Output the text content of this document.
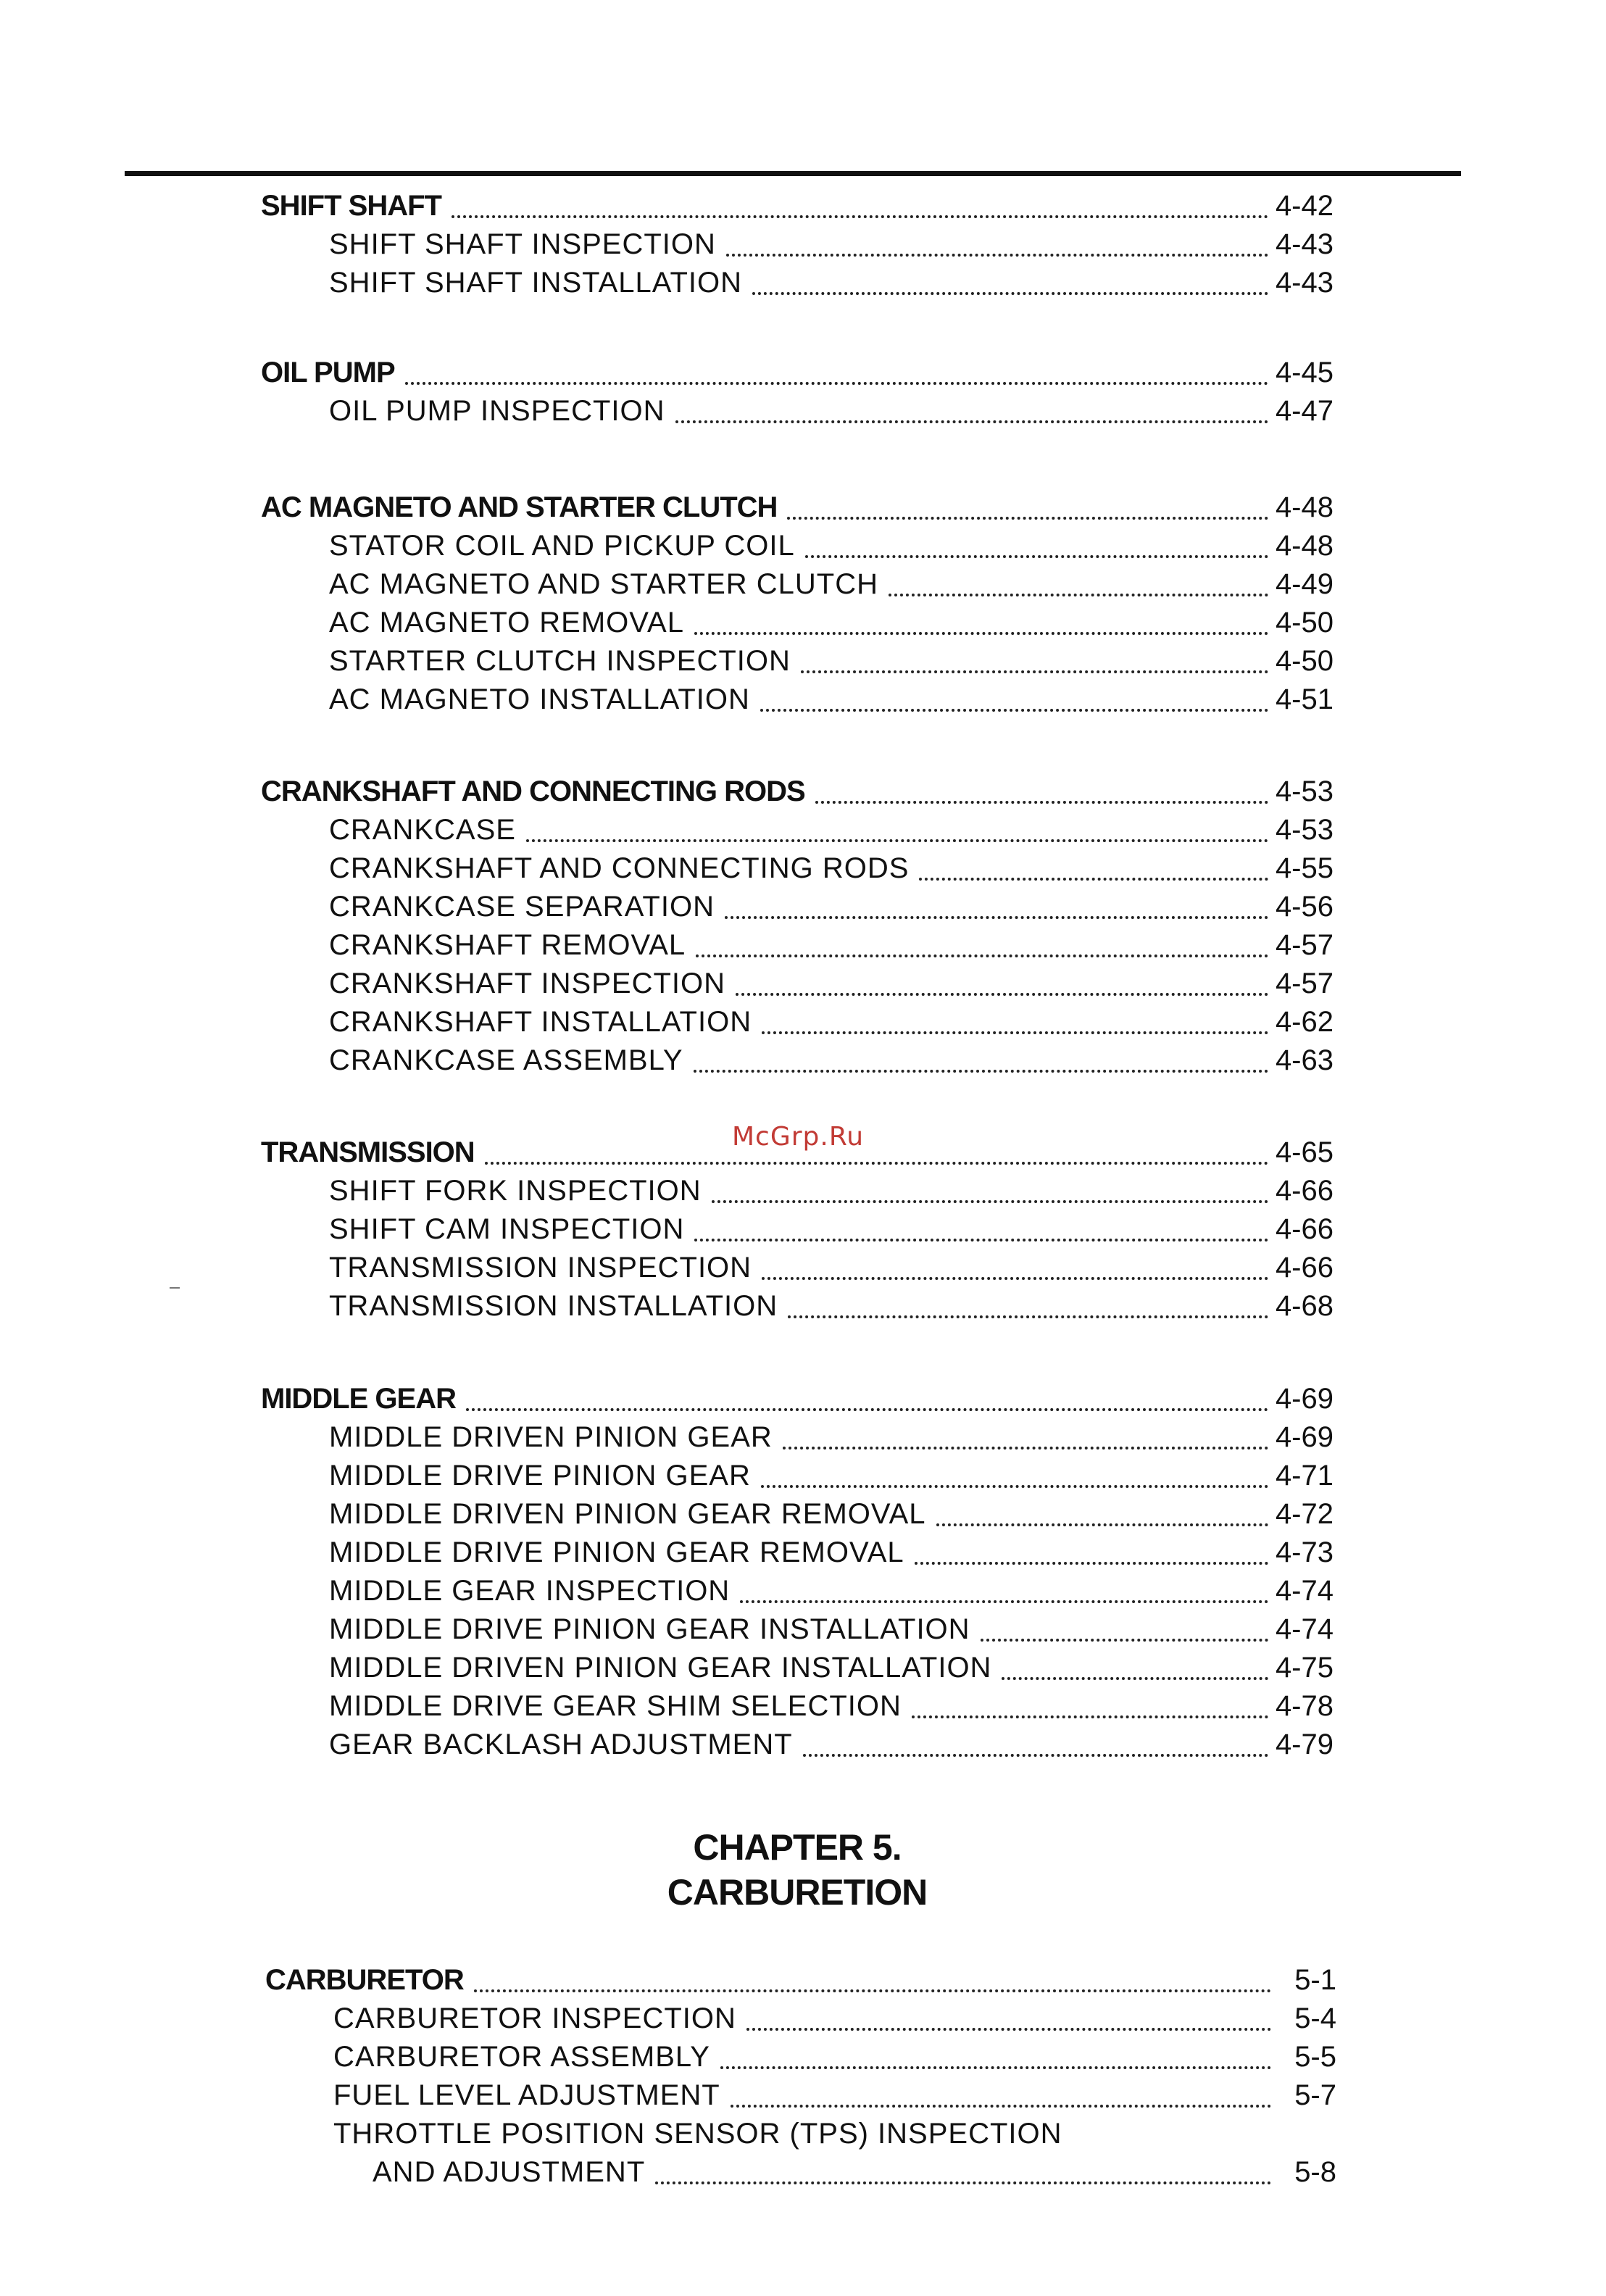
SHIFT SHAFT	4-42
SHIFT SHAFT INSPECTION	4-43
SHIFT SHAFT INSTALLATION	4-43
OIL PUMP	4-45
OIL PUMP INSPECTION	4-47
AC MAGNETO AND STARTER CLUTCH	4-48
STATOR COIL AND PICKUP COIL	4-48
AC MAGNETO AND STARTER CLUTCH	4-49
AC MAGNETO REMOVAL	4-50
STARTER CLUTCH INSPECTION	4-50
AC MAGNETO INSTALLATION	4-51
CRANKSHAFT AND CONNECTING RODS	4-53
CRANKCASE	4-53
CRANKSHAFT AND CONNECTING RODS	4-55
CRANKCASE SEPARATION	4-56
CRANKSHAFT REMOVAL	4-57
CRANKSHAFT INSPECTION	4-57
CRANKSHAFT INSTALLATION	4-62
CRANKCASE ASSEMBLY	4-63
TRANSMISSION	4-65
SHIFT FORK INSPECTION	4-66
SHIFT CAM INSPECTION	4-66
TRANSMISSION INSPECTION	4-66
TRANSMISSION INSTALLATION	4-68
MIDDLE GEAR	4-69
MIDDLE DRIVEN PINION GEAR	4-69
MIDDLE DRIVE PINION GEAR	4-71
MIDDLE DRIVEN PINION GEAR REMOVAL	4-72
MIDDLE DRIVE PINION GEAR REMOVAL	4-73
MIDDLE GEAR INSPECTION	4-74
MIDDLE DRIVE PINION GEAR INSTALLATION	4-74
MIDDLE DRIVEN PINION GEAR INSTALLATION	4-75
MIDDLE DRIVE GEAR SHIM SELECTION	4-78
GEAR BACKLASH ADJUSTMENT	4-79
CHAPTER 5.
CARBURETION
CARBURETOR	5-1
CARBURETOR INSPECTION	5-4
CARBURETOR ASSEMBLY	5-5
FUEL LEVEL ADJUSTMENT	5-7
THROTTLE POSITION SENSOR (TPS) INSPECTION
AND ADJUSTMENT	5-8
McGrp.Ru
